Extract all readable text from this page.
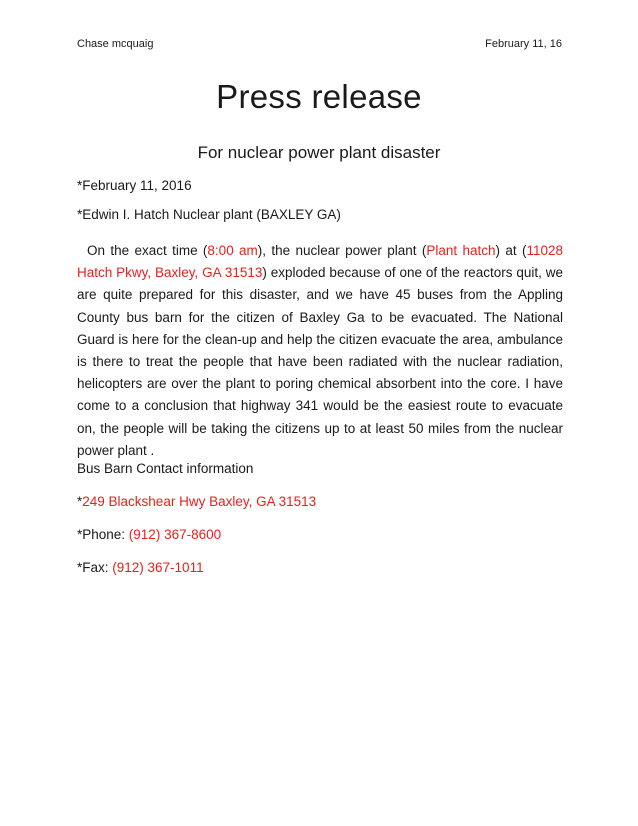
Chase mcquaig	February 11, 16
Press release
For nuclear power plant disaster
*February 11, 2016
*Edwin I. Hatch Nuclear plant (BAXLEY GA)
On the exact time (8:00 am), the nuclear power plant (Plant hatch) at (11028 Hatch Pkwy, Baxley, GA 31513) exploded because of one of the reactors quit, we are quite prepared for this disaster, and we have 45 buses from the Appling County bus barn for the citizen of Baxley Ga to be evacuated. The National Guard is here for the clean-up and help the citizen evacuate the area, ambulance is there to treat the people that have been radiated with the nuclear radiation, helicopters are over the plant to poring chemical absorbent into the core. I have come to a conclusion that highway 341 would be the easiest route to evacuate on, the people will be taking the citizens up to at least 50 miles from the nuclear power plant .
Bus Barn Contact information
*249 Blackshear Hwy Baxley, GA 31513
*Phone: (912) 367-8600
*Fax: (912) 367-1011
